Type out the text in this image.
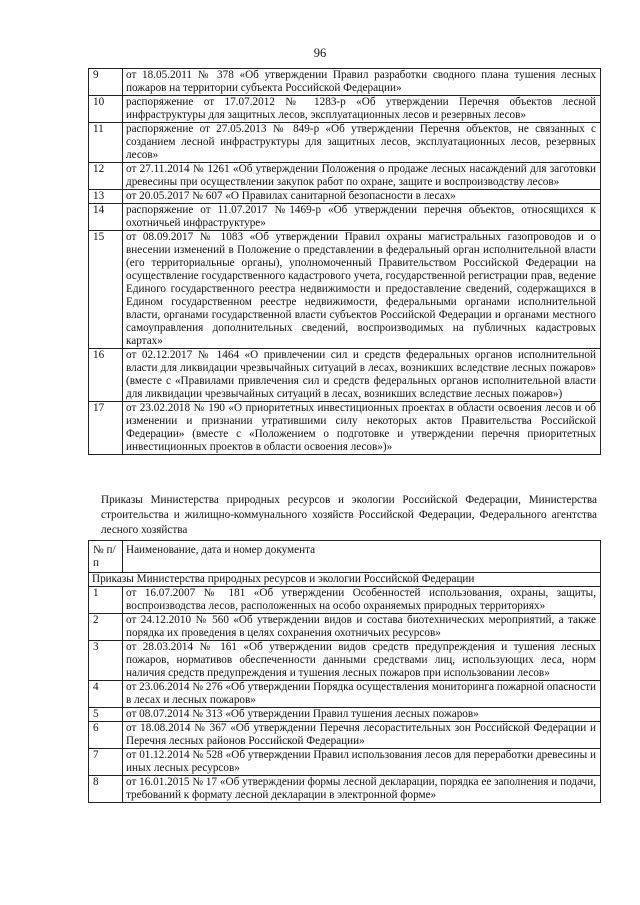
96
9	от 18.05.2011 № 378 «Об утверждении Правил разработки сводного плана тушения лесных пожаров на территории субъекта Российской Федерации»
10	распоряжение от 17.07.2012 № 1283-р «Об утверждении Перечня объектов лесной инфраструктуры для защитных лесов, эксплуатационных лесов и резервных лесов»
11	распоряжение от 27.05.2013 № 849-р «Об утверждении Перечня объектов, не связанных с созданием лесной инфраструктуры для защитных лесов, эксплуатационных лесов, резервных лесов»
12	от 27.11.2014 № 1261 «Об утверждении Положения о продаже лесных насаждений для заготовки древесины при осуществлении закупок работ по охране, защите и воспроизводству лесов»
13	от 20.05.2017 № 607 «О Правилах санитарной безопасности в лесах»
14	распоряжение от 11.07.2017 №1469-р «Об утверждении перечня объектов, относящихся к охотничьей инфраструктуре»
15	от 08.09.2017 № 1083 «Об утверждении Правил охраны магистральных газопроводов и о внесении изменений в Положение о представлении в федеральный орган исполнительной власти (его территориальные органы), уполномоченный Правительством Российской Федерации на осуществление государственного кадастрового учета, государственной регистрации прав, ведение Единого государственного реестра недвижимости и предоставление сведений, содержащихся в Едином государственном реестре недвижимости, федеральными органами исполнительной власти, органами государственной власти субъектов Российской Федерации и органами местного самоуправления дополнительных сведений, воспроизводимых на публичных кадастровых картах»
16	от 02.12.2017 № 1464 «О привлечении сил и средств федеральных органов исполнительной власти для ликвидации чрезвычайных ситуаций в лесах, возникших вследствие лесных пожаров» (вместе с «Правилами привлечения сил и средств федеральных органов исполнительной власти для ликвидации чрезвычайных ситуаций в лесах, возникших вследствие лесных пожаров»)
17	от 23.02.2018 № 190 «О приоритетных инвестиционных проектах в области освоения лесов и об изменении и признании утратившими силу некоторых актов Правительства Российской Федерации» (вместе с «Положением о подготовке и утверждении перечня приоритетных инвестиционных проектов в области освоения лесов»)»
Приказы Министерства природных ресурсов и экологии Российской Федерации, Министерства строительства и жилищно-коммунального хозяйств Российской Федерации, Федерального агентства лесного хозяйства
№ п/п	Наименование, дата и номер документа
Приказы Министерства природных ресурсов и экологии Российской Федерации	
1	от 16.07.2007 № 181 «Об утверждении Особенностей использования, охраны, защиты, воспроизводства лесов, расположенных на особо охраняемых природных территориях»
2	от 24.12.2010 № 560 «Об утверждении видов и состава биотехнических мероприятий, а также порядка их проведения в целях сохранения охотничьих ресурсов»
3	от 28.03.2014 № 161 «Об утверждении видов средств предупреждения и тушения лесных пожаров, нормативов обеспеченности данными средствами лиц, использующих леса, норм наличия средств предупреждения и тушения лесных пожаров при использовании лесов»
4	от 23.06.2014 № 276 «Об утверждении Порядка осуществления мониторинга пожарной опасности в лесах и лесных пожаров»
5	от 08.07.2014 № 313 «Об утверждении Правил тушения лесных пожаров»
6	от 18.08.2014 № 367 «Об утверждении Перечня лесорастительных зон Российской Федерации и Перечня лесных районов Российской Федерации»
7	от 01.12.2014 № 528 «Об утверждении Правил использования лесов для переработки древесины и иных лесных ресурсов»
8	от 16.01.2015 № 17 «Об утверждении формы лесной декларации, порядка ее заполнения и подачи, требований к формату лесной декларации в электронной форме»
